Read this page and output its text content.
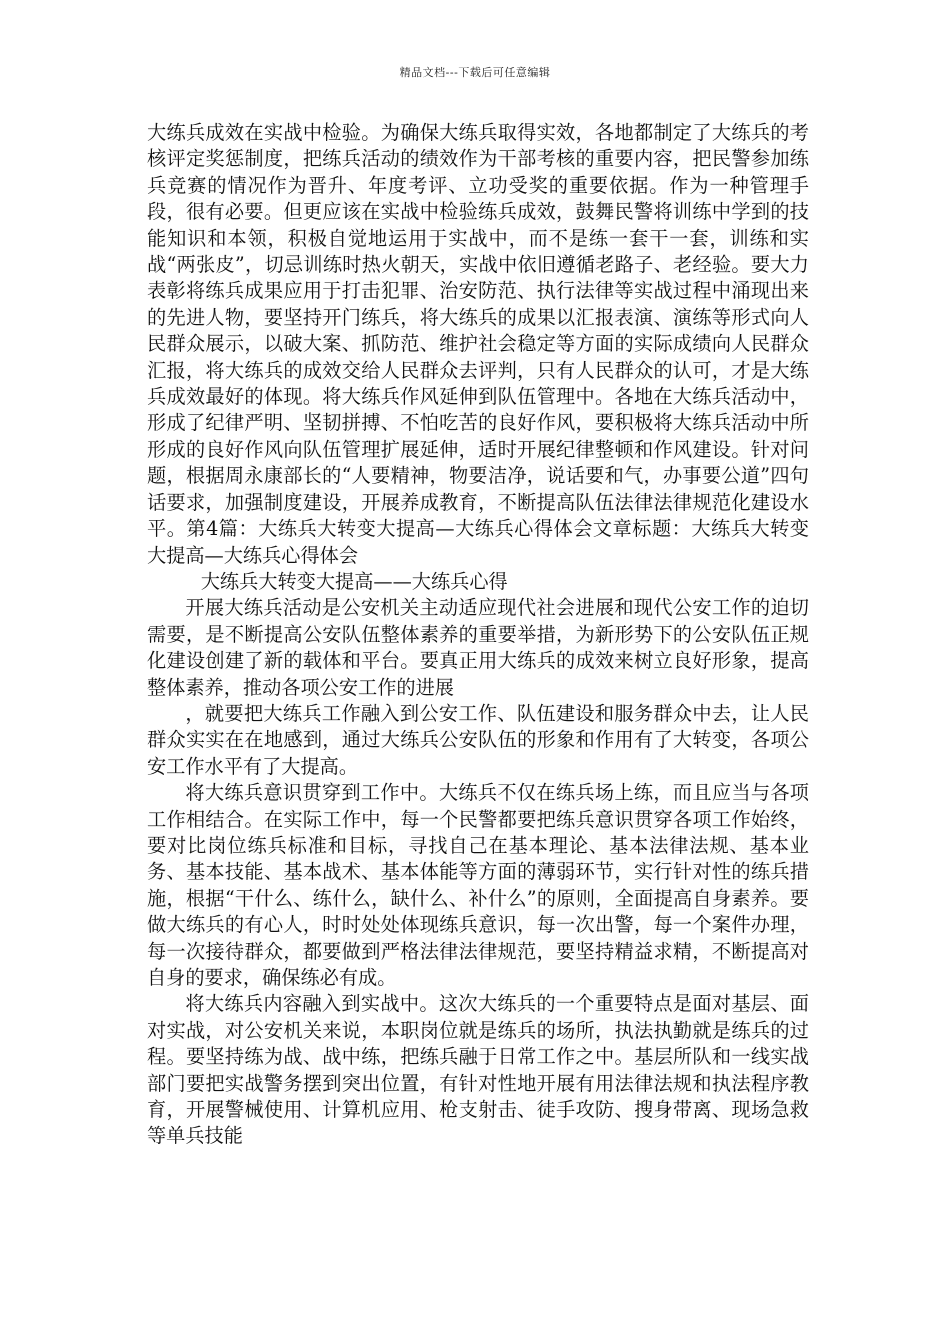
精品文档---下载后可任意编辑

大练兵成效在实战中检验。为确保大练兵取得实效，各地都制定了大练兵的考核评定奖惩制度，把练兵活动的绩效作为干部考核的重要内容，把民警参加练兵竞赛的情况作为晋升、年度考评、立功受奖的重要依据。作为一种管理手段，很有必要。但更应该在实战中检验练兵成效，鼓舞民警将训练中学到的技能知识和本领，积极自觉地运用于实战中，而不是练一套干一套，训练和实战“两张皮”，切忌训练时热火朝天，实战中依旧遵循老路子、老经验。要大力表彰将练兵成果应用于打击犯罪、治安防范、执行法律等实战过程中涌现出来的先进人物，要坚持开门练兵，将大练兵的成果以汇报表演、演练等形式向人民群众展示，以破大案、抓防范、维护社会稳定等方面的实际成绩向人民群众汇报，将大练兵的成效交给人民群众去评判，只有人民群众的认可，才是大练兵成效最好的体现。将大练兵作风延伸到队伍管理中。各地在大练兵活动中，形成了纪律严明、坚韧拼搏、不怕吃苦的良好作风，要积极将大练兵活动中所形成的良好作风向队伍管理扩展延伸，适时开展纪律整顿和作风建设。针对问题，根据周永康部长的“人要精神，物要洁净，说话要和气，办事要公道”四句话要求，加强制度建设，开展养成教育，不断提高队伍法律法律规范化建设水平。第4篇：大练兵大转变大提高—大练兵心得体会文章标题：大练兵大转变大提高—大练兵心得体会

大练兵大转变大提高——大练兵心得

开展大练兵活动是公安机关主动适应现代社会进展和现代公安工作的迫切需要，是不断提高公安队伍整体素养的重要举措，为新形势下的公安队伍正规化建设创建了新的载体和平台。要真正用大练兵的成效来树立良好形象，提高整体素养，推动各项公安工作的进展

，就要把大练兵工作融入到公安工作、队伍建设和服务群众中去，让人民群众实实在在地感到，通过大练兵公安队伍的形象和作用有了大转变，各项公安工作水平有了大提高。

将大练兵意识贯穿到工作中。大练兵不仅在练兵场上练，而且应当与各项工作相结合。在实际工作中，每一个民警都要把练兵意识贯穿各项工作始终，要对比岗位练兵标准和目标，寻找自己在基本理论、基本法律法规、基本业务、基本技能、基本战术、基本体能等方面的薄弱环节，实行针对性的练兵措施，根据“干什么、练什么，缺什么、补什么”的原则，全面提高自身素养。要做大练兵的有心人，时时处处体现练兵意识，每一次出警，每一个案件办理，每一次接待群众，都要做到严格法律法律规范，要坚持精益求精，不断提高对自身的要求，确保练必有成。

将大练兵内容融入到实战中。这次大练兵的一个重要特点是面对基层、面对实战，对公安机关来说，本职岗位就是练兵的场所，执法执勤就是练兵的过程。要坚持练为战、战中练，把练兵融于日常工作之中。基层所队和一线实战部门要把实战警务摆到突出位置，有针对性地开展有用法律法规和执法程序教育，开展警械使用、计算机应用、枪支射击、徒手攻防、搜身带离、现场急救等单兵技能
